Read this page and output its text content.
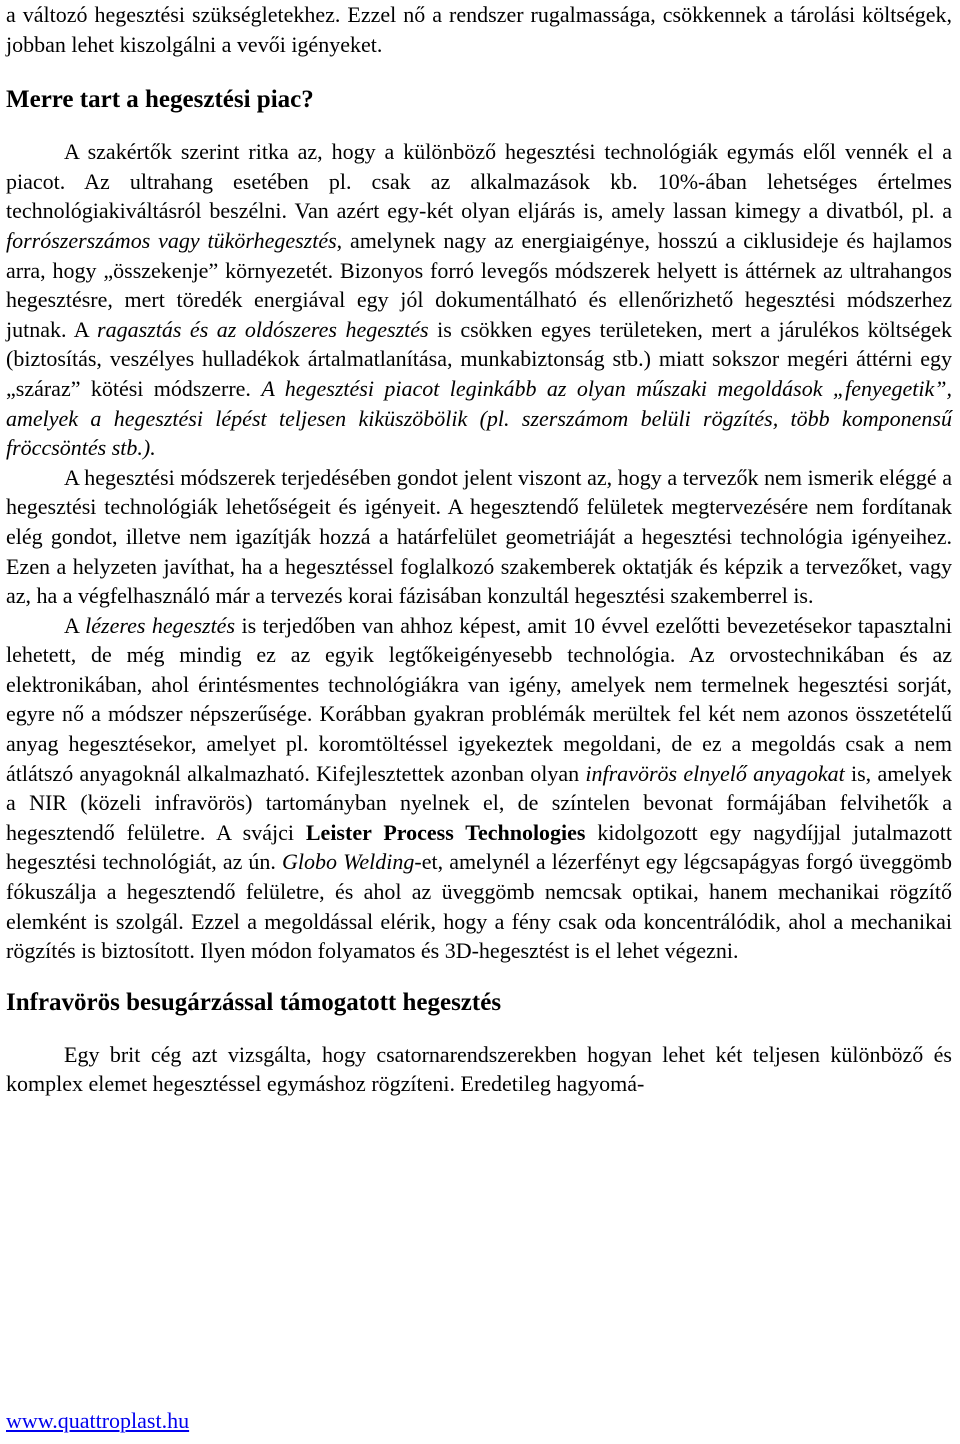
a változó hegesztési szükségletekhez. Ezzel nő a rendszer rugalmassága, csökkennek a tárolási költségek, jobban lehet kiszolgálni a vevői igényeket.

Merre tart a hegesztési piac?

A szakértők szerint ritka az, hogy a különböző hegesztési technológiák egymás elől vennék el a piacot. Az ultrahang esetében pl. csak az alkalmazások kb. 10%-ában lehetséges értelmes technológiakiváltásról beszélni. Van azért egy-két olyan eljárás is, amely lassan kimegy a divatból, pl. a forrószerszámos vagy tükörhegesztés, amelynek nagy az energiaigénye, hosszú a ciklusideje és hajlamos arra, hogy „összekenje” környezetét. Bizonyos forró levegős módszerek helyett is áttérnek az ultrahangos hegesztésre, mert töredék energiával egy jól dokumentálható és ellenőrizhető hegesztési módszerhez jutnak. A ragasztás és az oldószeres hegesztés is csökken egyes területeken, mert a járulékos költségek (biztosítás, veszélyes hulladékok ártalmatlanítása, munkabiztonság stb.) miatt sokszor megéri áttérni egy „száraz” kötési módszerre. A hegesztési piacot leginkább az olyan műszaki megoldások „fenyegetik”, amelyek a hegesztési lépést teljesen kiküszöbölik (pl. szerszámom belüli rögzítés, több komponensű fröccsöntés stb.).

A hegesztési módszerek terjedésében gondot jelent viszont az, hogy a tervezők nem ismerik eléggé a hegesztési technológiák lehetőségeit és igényeit. A hegesztendő felületek megtervezésére nem fordítanak elég gondot, illetve nem igazítják hozzá a határfelület geometriáját a hegesztési technológia igényeihez. Ezen a helyzeten javíthat, ha a hegesztéssel foglalkozó szakemberek oktatják és képzik a tervezőket, vagy az, ha a végfelhasználó már a tervezés korai fázisában konzultál hegesztési szakemberrel is.

A lézeres hegesztés is terjedőben van ahhoz képest, amit 10 évvel ezelőtti bevezetésekor tapasztalni lehetett, de még mindig ez az egyik legtőkeigényesebb technológia. Az orvostechnikában és az elektronikában, ahol érintésmentes technológiákra van igény, amelyek nem termelnek hegesztési sorját, egyre nő a módszer népszerűsége. Korábban gyakran problémák merültek fel két nem azonos összetételű anyag hegesztésekor, amelyet pl. koromtöltéssel igyekeztek megoldani, de ez a megoldás csak a nem átlátszó anyagoknál alkalmazható. Kifejlesztettek azonban olyan infravörös elnyelő anyagokat is, amelyek a NIR (közeli infravörös) tartományban nyelnek el, de színtelen bevonat formájában felvihetők a hegesztendő felületre. A svájci Leister Process Technologies kidolgozott egy nagydíjjal jutalmazott hegesztési technológiát, az ún. Globo Welding-et, amelynél a lézerfényt egy légcsapágyas forgó üveggömb fókuszálja a hegesztendő felületre, és ahol az üveggömb nemcsak optikai, hanem mechanikai rögzítő elemként is szolgál. Ezzel a megoldással elérik, hogy a fény csak oda koncentrálódik, ahol a mechanikai rögzítés is biztosított. Ilyen módon folyamatos és 3D-hegesztést is el lehet végezni.

Infravörös besugárzással támogatott hegesztés

Egy brit cég azt vizsgálta, hogy csatornarendszerekben hogyan lehet két teljesen különböző és komplex elemet hegesztéssel egymáshoz rögzíteni. Eredetileg hagyomá-

www.quattroplast.hu
